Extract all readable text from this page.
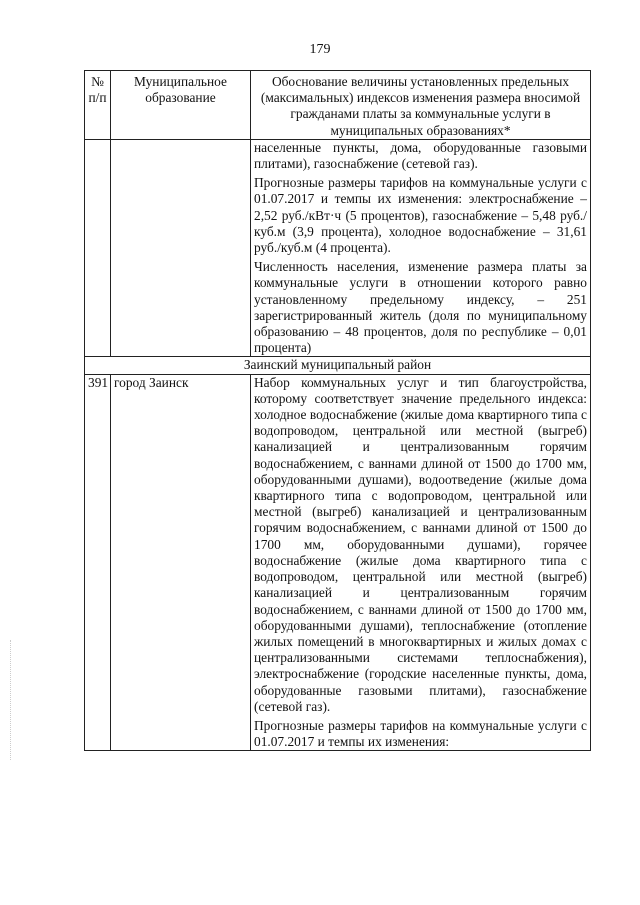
179
№
п/п	Муниципальное образование	Обоснование величины установленных предельных (максимальных) индексов изменения размера вносимой гражданами платы за коммунальные услуги в муниципальных образованиях*

		населенные пункты, дома, оборудованные газовыми плитами), газоснабжение (сетевой газ).

Прогнозные размеры тарифов на коммунальные услуги с 01.07.2017 и темпы их изменения: электроснабжение – 2,52 руб./кВт·ч (5 процентов), газоснабжение – 5,48 руб./куб.м (3,9 процента), холодное водоснабжение – 31,61 руб./куб.м (4 процента).

Численность населения, изменение размера платы за коммунальные услуги в отношении которого равно установленному предельному индексу, – 251 зарегистрированный житель (доля по муниципальному образованию – 48 процентов, доля по республике – 0,01 процента)

Заинский муниципальный район		
391	город Заинск	Набор коммунальных услуг и тип благоустройства, которому соответствует значение предельного индекса: холодное водоснабжение (жилые дома квартирного типа с водопроводом, центральной или местной (выгреб) канализацией и централизованным горячим водоснабжением, с ваннами длиной от 1500 до 1700 мм, оборудованными душами), водоотведение (жилые дома квартирного типа с водопроводом, центральной или местной (выгреб) канализацией и централизованным горячим водоснабжением, с ваннами длиной от 1500 до 1700 мм, оборудованными душами), горячее водоснабжение (жилые дома квартирного типа с водопроводом, центральной или местной (выгреб) канализацией и централизованным горячим водоснабжением, с ваннами длиной от 1500 до 1700 мм, оборудованными душами), теплоснабжение (отопление жилых помещений в многоквартирных и жилых домах с централизованными системами теплоснабжения), электроснабжение (городские населенные пункты, дома, оборудованные газовыми плитами), газоснабжение (сетевой газ).

Прогнозные размеры тарифов на коммунальные услуги с 01.07.2017 и темпы их изменения:
